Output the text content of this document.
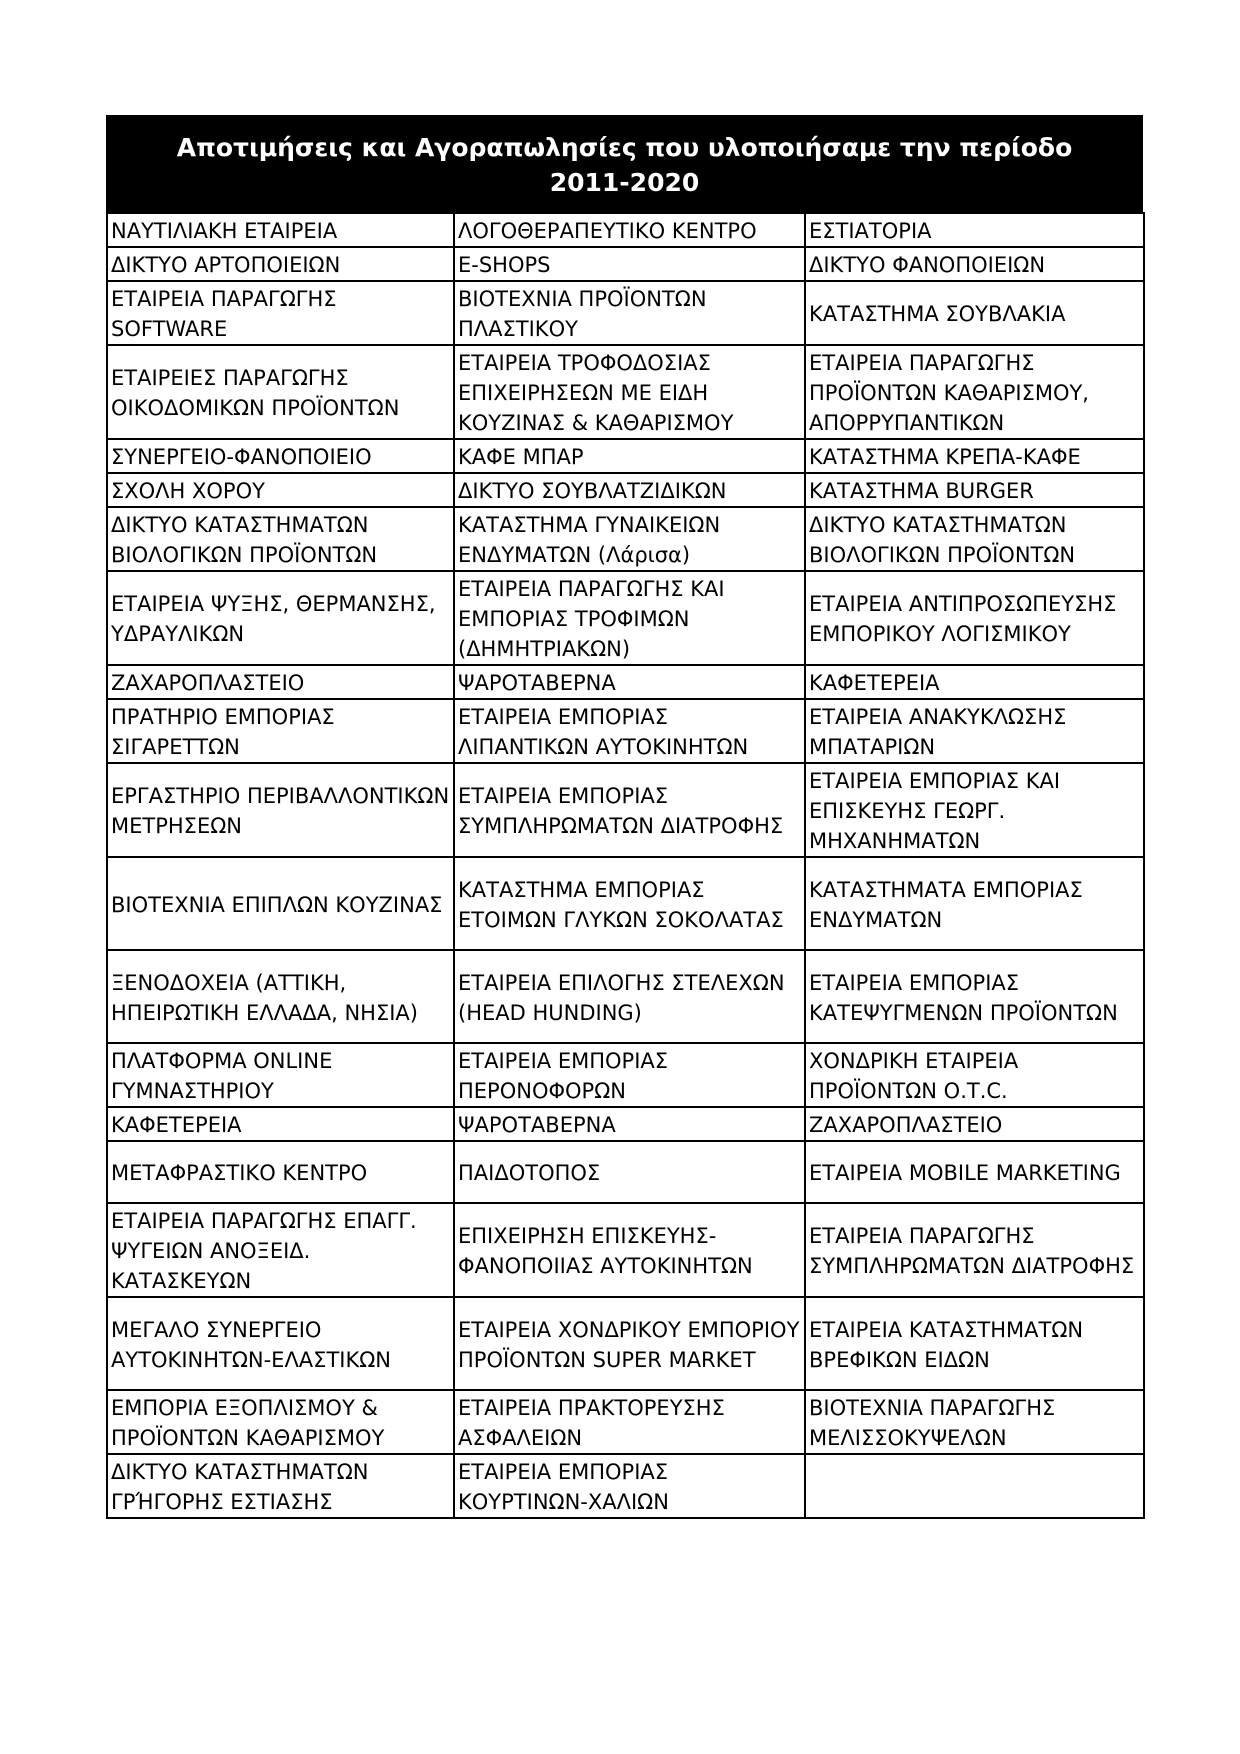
Αποτιμήσεις και Αγοραπωλησίες που υλοποιήσαμε την περίοδο 2011-2020
ΝΑΥΤΙΛΙΑΚΗ ΕΤΑΙΡΕΙΑ	ΛΟΓΟΘΕΡΑΠΕΥΤΙΚΟ ΚΕΝΤΡΟ	ΕΣΤΙΑΤΟΡΙΑ
ΔΙΚΤΥΟ ΑΡΤΟΠΟΙΕΙΩΝ	E-SHOPS	ΔΙΚΤΥΟ ΦΑΝΟΠΟΙΕΙΩΝ
ΕΤΑΙΡΕΙΑ ΠΑΡΑΓΩΓΗΣ SOFTWARE	ΒΙΟΤΕΧΝΙΑ ΠΡΟΪΟΝΤΩΝ ΠΛΑΣΤΙΚΟΥ	ΚΑΤΑΣΤΗΜΑ ΣΟΥΒΛΑΚΙΑ
ΕΤΑΙΡΕΙΕΣ ΠΑΡΑΓΩΓΗΣ ΟΙΚΟΔΟΜΙΚΩΝ ΠΡΟΪΟΝΤΩΝ	ΕΤΑΙΡΕΙΑ ΤΡΟΦΟΔΟΣΙΑΣ ΕΠΙΧΕΙΡΗΣΕΩΝ ΜΕ ΕΙΔΗ ΚΟΥΖΙΝΑΣ & ΚΑΘΑΡΙΣΜΟΥ	ΕΤΑΙΡΕΙΑ ΠΑΡΑΓΩΓΗΣ ΠΡΟΪΟΝΤΩΝ ΚΑΘΑΡΙΣΜΟΥ, ΑΠΟΡΡΥΠΑΝΤΙΚΩΝ
ΣΥΝΕΡΓΕΙΟ-ΦΑΝΟΠΟΙΕΙΟ	ΚΑΦΕ ΜΠΑΡ	ΚΑΤΑΣΤΗΜΑ ΚΡΕΠΑ-ΚΑΦΕ
ΣΧΟΛΗ ΧΟΡΟΥ	ΔΙΚΤΥΟ ΣΟΥΒΛΑΤΖΙΔΙΚΩΝ	ΚΑΤΑΣΤΗΜΑ BURGER
ΔΙΚΤΥΟ ΚΑΤΑΣΤΗΜΑΤΩΝ ΒΙΟΛΟΓΙΚΩΝ ΠΡΟΪΟΝΤΩΝ	ΚΑΤΑΣΤΗΜΑ ΓΥΝΑΙΚΕΙΩΝ ΕΝΔΥΜΑΤΩΝ (Λάρισα)	ΔΙΚΤΥΟ ΚΑΤΑΣΤΗΜΑΤΩΝ ΒΙΟΛΟΓΙΚΩΝ ΠΡΟΪΟΝΤΩΝ
ΕΤΑΙΡΕΙΑ ΨΥΞΗΣ, ΘΕΡΜΑΝΣΗΣ, ΥΔΡΑΥΛΙΚΩΝ	ΕΤΑΙΡΕΙΑ ΠΑΡΑΓΩΓΗΣ ΚΑΙ ΕΜΠΟΡΙΑΣ ΤΡΟΦΙΜΩΝ (ΔΗΜΗΤΡΙΑΚΩΝ)	ΕΤΑΙΡΕΙΑ ΑΝΤΙΠΡΟΣΩΠΕΥΣΗΣ ΕΜΠΟΡΙΚΟΥ ΛΟΓΙΣΜΙΚΟΥ
ΖΑΧΑΡΟΠΛΑΣΤΕΙΟ	ΨΑΡΟΤΑΒΕΡΝΑ	ΚΑΦΕΤΕΡΕΙΑ
ΠΡΑΤΗΡΙΟ ΕΜΠΟΡΙΑΣ ΣΙΓΑΡΕΤΤΩΝ	ΕΤΑΙΡΕΙΑ ΕΜΠΟΡΙΑΣ ΛΙΠΑΝΤΙΚΩΝ ΑΥΤΟΚΙΝΗΤΩΝ	ΕΤΑΙΡΕΙΑ ΑΝΑΚΥΚΛΩΣΗΣ ΜΠΑΤΑΡΙΩΝ
ΕΡΓΑΣΤΗΡΙΟ ΠΕΡΙΒΑΛΛΟΝΤΙΚΩΝ ΜΕΤΡΗΣΕΩΝ	ΕΤΑΙΡΕΙΑ ΕΜΠΟΡΙΑΣ ΣΥΜΠΛΗΡΩΜΑΤΩΝ ΔΙΑΤΡΟΦΗΣ	ΕΤΑΙΡΕΙΑ ΕΜΠΟΡΙΑΣ ΚΑΙ ΕΠΙΣΚΕΥΗΣ ΓΕΩΡΓ. ΜΗΧΑΝΗΜΑΤΩΝ
ΒΙΟΤΕΧΝΙΑ ΕΠΙΠΛΩΝ ΚΟΥΖΙΝΑΣ	ΚΑΤΑΣΤΗΜΑ ΕΜΠΟΡΙΑΣ ΕΤΟΙΜΩΝ ΓΛΥΚΩΝ ΣΟΚΟΛΑΤΑΣ	ΚΑΤΑΣΤΗΜΑΤΑ ΕΜΠΟΡΙΑΣ ΕΝΔΥΜΑΤΩΝ
ΞΕΝΟΔΟΧΕΙΑ (ΑΤΤΙΚΗ, ΗΠΕΙΡΩΤΙΚΗ ΕΛΛΑΔΑ, ΝΗΣΙΑ)	ΕΤΑΙΡΕΙΑ ΕΠΙΛΟΓΗΣ ΣΤΕΛΕΧΩΝ (HEAD HUNDING)	ΕΤΑΙΡΕΙΑ ΕΜΠΟΡΙΑΣ ΚΑΤΕΨΥΓΜΕΝΩΝ ΠΡΟΪΟΝΤΩΝ
ΠΛΑΤΦΟΡΜΑ ONLINE ΓΥΜΝΑΣΤΗΡΙΟΥ	ΕΤΑΙΡΕΙΑ ΕΜΠΟΡΙΑΣ ΠΕΡΟΝΟΦΟΡΩΝ	ΧΟΝΔΡΙΚΗ ΕΤΑΙΡΕΙΑ ΠΡΟΪΟΝΤΩΝ Ο.Τ.C.
ΚΑΦΕΤΕΡΕΙΑ	ΨΑΡΟΤΑΒΕΡΝΑ	ΖΑΧΑΡΟΠΛΑΣΤΕΙΟ
ΜΕΤΑΦΡΑΣΤΙΚΟ ΚΕΝΤΡΟ	ΠΑΙΔΟΤΟΠΟΣ	ΕΤΑΙΡΕΙΑ MOBILE MARKETING
ΕΤΑΙΡΕΙΑ ΠΑΡΑΓΩΓΗΣ ΕΠΑΓΓ. ΨΥΓΕΙΩΝ ΑΝΟΞΕΙΔ. ΚΑΤΑΣΚΕΥΩΝ	ΕΠΙΧΕΙΡΗΣΗ ΕΠΙΣΚΕΥΗΣ-ΦΑΝΟΠΟΙΙΑΣ ΑΥΤΟΚΙΝΗΤΩΝ	ΕΤΑΙΡΕΙΑ ΠΑΡΑΓΩΓΗΣ ΣΥΜΠΛΗΡΩΜΑΤΩΝ ΔΙΑΤΡΟΦΗΣ
ΜΕΓΑΛΟ ΣΥΝΕΡΓΕΙΟ ΑΥΤΟΚΙΝΗΤΩΝ-ΕΛΑΣΤΙΚΩΝ	ΕΤΑΙΡΕΙΑ ΧΟΝΔΡΙΚΟΥ ΕΜΠΟΡΙΟΥ ΠΡΟΪΟΝΤΩΝ SUPER MARKET	ΕΤΑΙΡΕΙΑ ΚΑΤΑΣΤΗΜΑΤΩΝ ΒΡΕΦΙΚΩΝ ΕΙΔΩΝ
ΕΜΠΟΡΙΑ ΕΞΟΠΛΙΣΜΟΥ & ΠΡΟΪΟΝΤΩΝ ΚΑΘΑΡΙΣΜΟΥ	ΕΤΑΙΡΕΙΑ ΠΡΑΚΤΟΡΕΥΣΗΣ ΑΣΦΑΛΕΙΩΝ	ΒΙΟΤΕΧΝΙΑ ΠΑΡΑΓΩΓΗΣ ΜΕΛΙΣΣΟΚΥΨΕΛΩΝ
ΔΙΚΤΥΟ ΚΑΤΑΣΤΗΜΑΤΩΝ ΓΡΉΓΟΡΗΣ ΕΣΤΙΑΣΗΣ	ΕΤΑΙΡΕΙΑ ΕΜΠΟΡΙΑΣ ΚΟΥΡΤΙΝΩΝ-ΧΑΛΙΩΝ	
